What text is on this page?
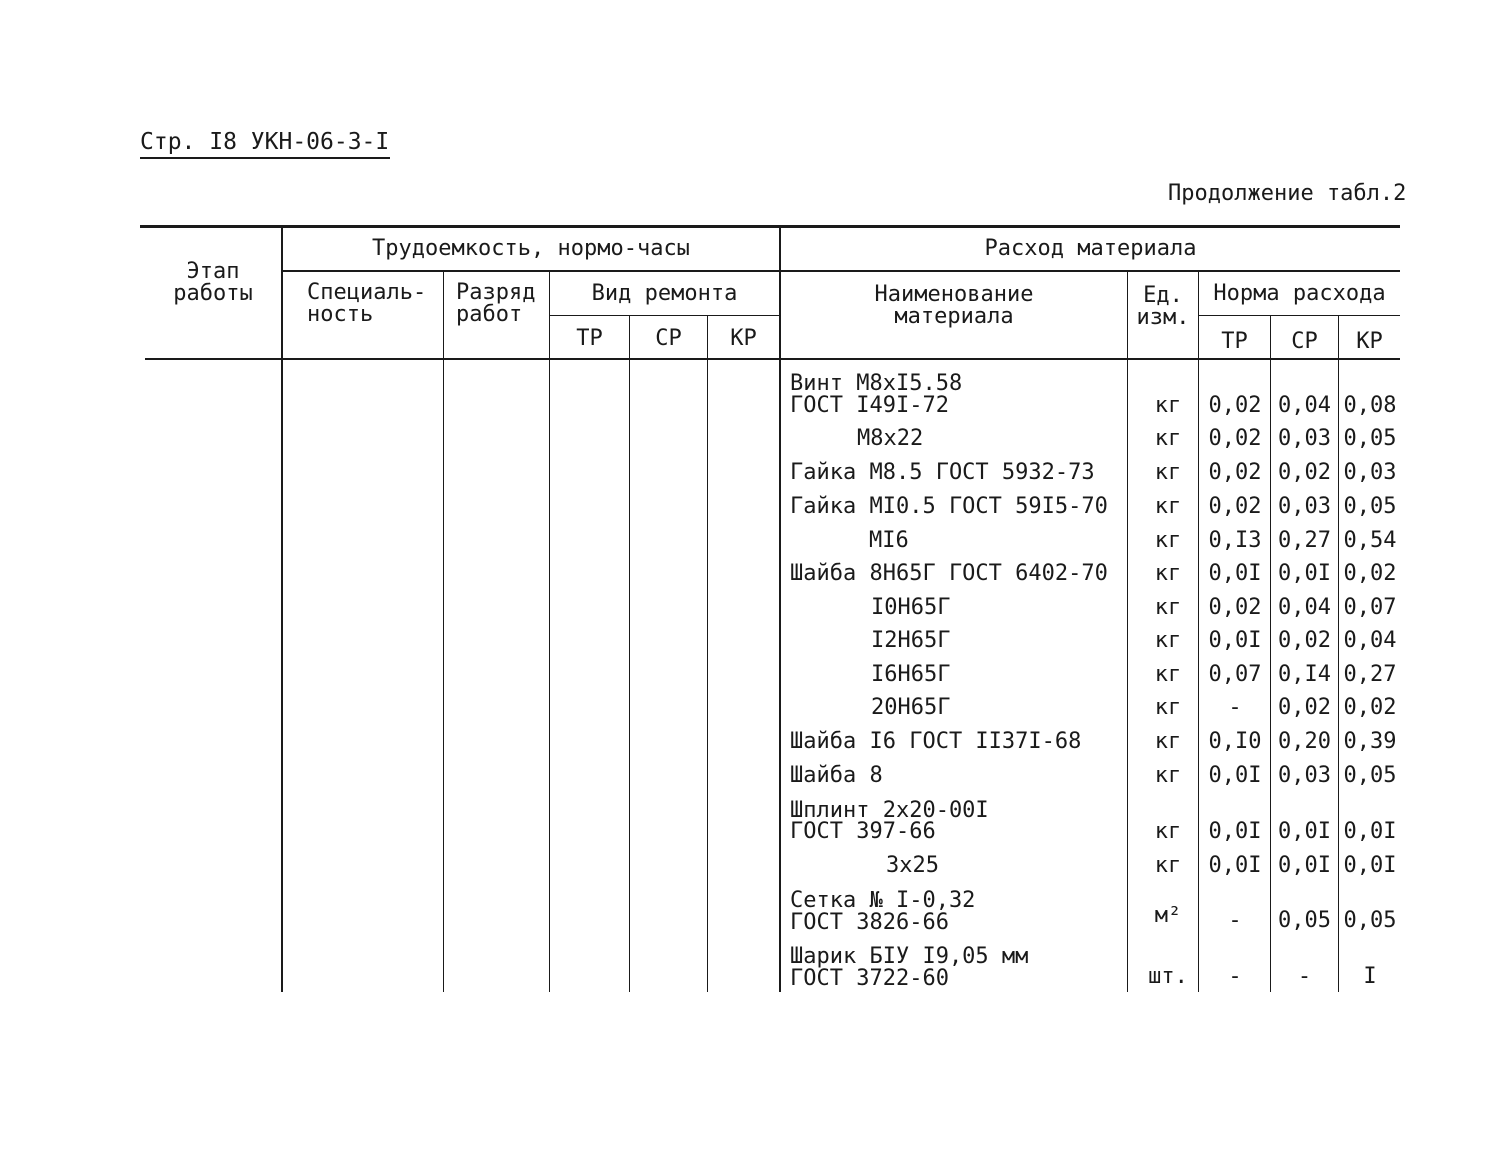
Стр. I8 УКН-06-3-I
Продолжение табл.2
Этап
работы
Трудоемкость, нормо-часы
Специаль-
ность
Разряд
работ
Вид ремонта
ТР	СР	КР
Расход материала
Наименование
материала
Ед.
изм.
Норма расхода
ТР	СР	КР
Винт М8хI5.58
ГОСТ I49I-72	кг	0,02 0,04 0,08
М8х22	кг	0,02 0,03 0,05
Гайка М8.5 ГОСТ 5932-73	кг	0,02 0,02 0,03
Гайка МI0.5 ГОСТ 59I5-70	кг	0,02 0,03 0,05
МI6	кг	0,I3 0,27 0,54
Шайба 8Н65Г ГОСТ 6402-70	кг	0,0I 0,0I 0,02
I0Н65Г	кг	0,02 0,04 0,07
I2Н65Г	кг	0,0I 0,02 0,04
I6Н65Г	кг	0,07 0,I4 0,27
20Н65Г	кг	-	0,02 0,02
Шайба I6 ГОСТ II37I-68	кг	0,I0 0,20 0,39
Шайба 8	кг	0,0I 0,03 0,05
Шплинт 2х20-00I
ГОСТ 397-66	кг	0,0I 0,0I 0,0I
3х25	кг	0,0I 0,0I 0,0I
Сетка № I-0,32
ГОСТ 3826-66	м²	-	0,05 0,05
Шарик БIУ I9,05 мм
ГОСТ 3722-60	шт.	-	-	I
